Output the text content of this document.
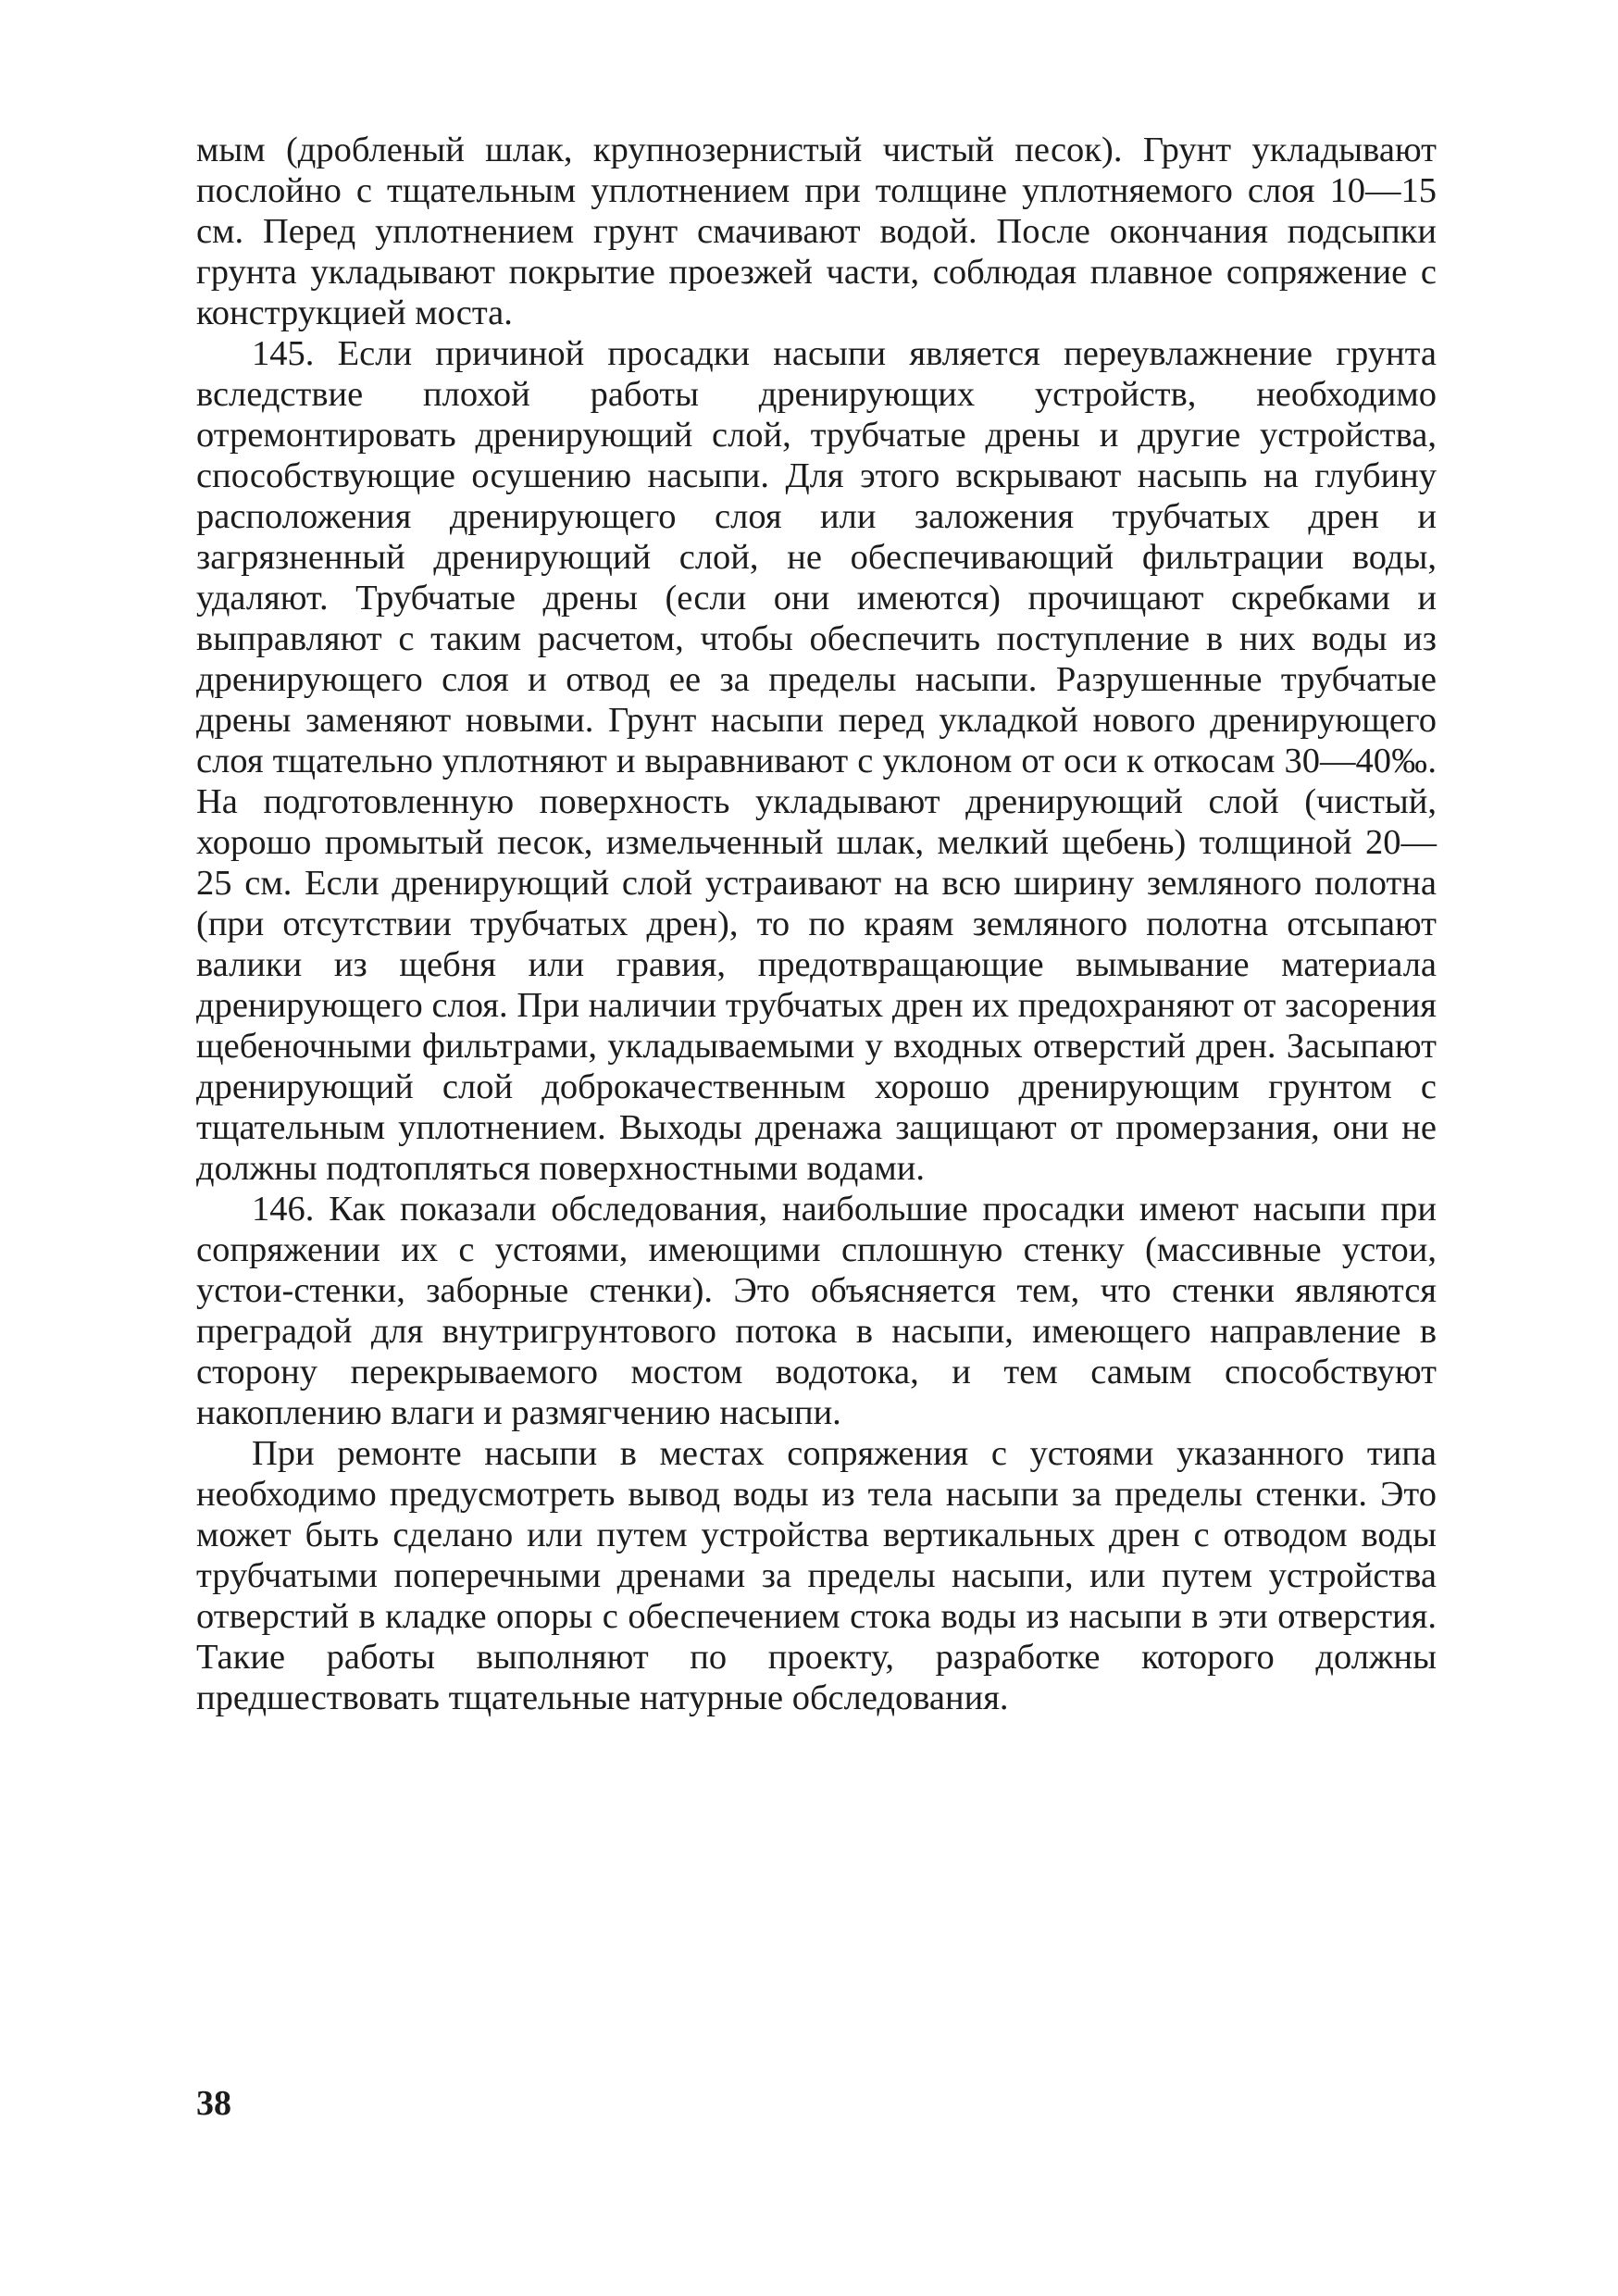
мым (дробленый шлак, крупнозернистый чистый песок). Грунт укладывают послойно с тщательным уплотнением при толщине уплотняемого слоя 10—15 см. Перед уплотнением грунт смачивают водой. После окончания подсыпки грунта укладывают покрытие проезжей части, соблюдая плавное сопряжение с конструкцией моста.

145. Если причиной просадки насыпи является переувлажнение грунта вследствие плохой работы дренирующих устройств, необходимо отремонтировать дренирующий слой, трубчатые дрены и другие устройства, способствующие осушению насыпи. Для этого вскрывают насыпь на глубину расположения дренирующего слоя или заложения трубчатых дрен и загрязненный дренирующий слой, не обеспечивающий фильтрации воды, удаляют. Трубчатые дрены (если они имеются) прочищают скребками и выправляют с таким расчетом, чтобы обеспечить поступление в них воды из дренирующего слоя и отвод ее за пределы насыпи. Разрушенные трубчатые дрены заменяют новыми. Грунт насыпи перед укладкой нового дренирующего слоя тщательно уплотняют и выравнивают с уклоном от оси к откосам 30—40‰. На подготовленную поверхность укладывают дренирующий слой (чистый, хорошо промытый песок, измельченный шлак, мелкий щебень) толщиной 20—25 см. Если дренирующий слой устраивают на всю ширину земляного полотна (при отсутствии трубчатых дрен), то по краям земляного полотна отсыпают валики из щебня или гравия, предотвращающие вымывание материала дренирующего слоя. При наличии трубчатых дрен их предохраняют от засорения щебеночными фильтрами, укладываемыми у входных отверстий дрен. Засыпают дренирующий слой доброкачественным хорошо дренирующим грунтом с тщательным уплотнением. Выходы дренажа защищают от промерзания, они не должны подтопляться поверхностными водами.

146. Как показали обследования, наибольшие просадки имеют насыпи при сопряжении их с устоями, имеющими сплошную стенку (массивные устои, устои-стенки, заборные стенки). Это объясняется тем, что стенки являются преградой для внутригрунтового потока в насыпи, имеющего направление в сторону перекрываемого мостом водотока, и тем самым способствуют накоплению влаги и размягчению насыпи.

При ремонте насыпи в местах сопряжения с устоями указанного типа необходимо предусмотреть вывод воды из тела насыпи за пределы стенки. Это может быть сделано или путем устройства вертикальных дрен с отводом воды трубчатыми поперечными дренами за пределы насыпи, или путем устройства отверстий в кладке опоры с обеспечением стока воды из насыпи в эти отверстия. Такие работы выполняют по проекту, разработке которого должны предшествовать тщательные натурные обследования.

38
